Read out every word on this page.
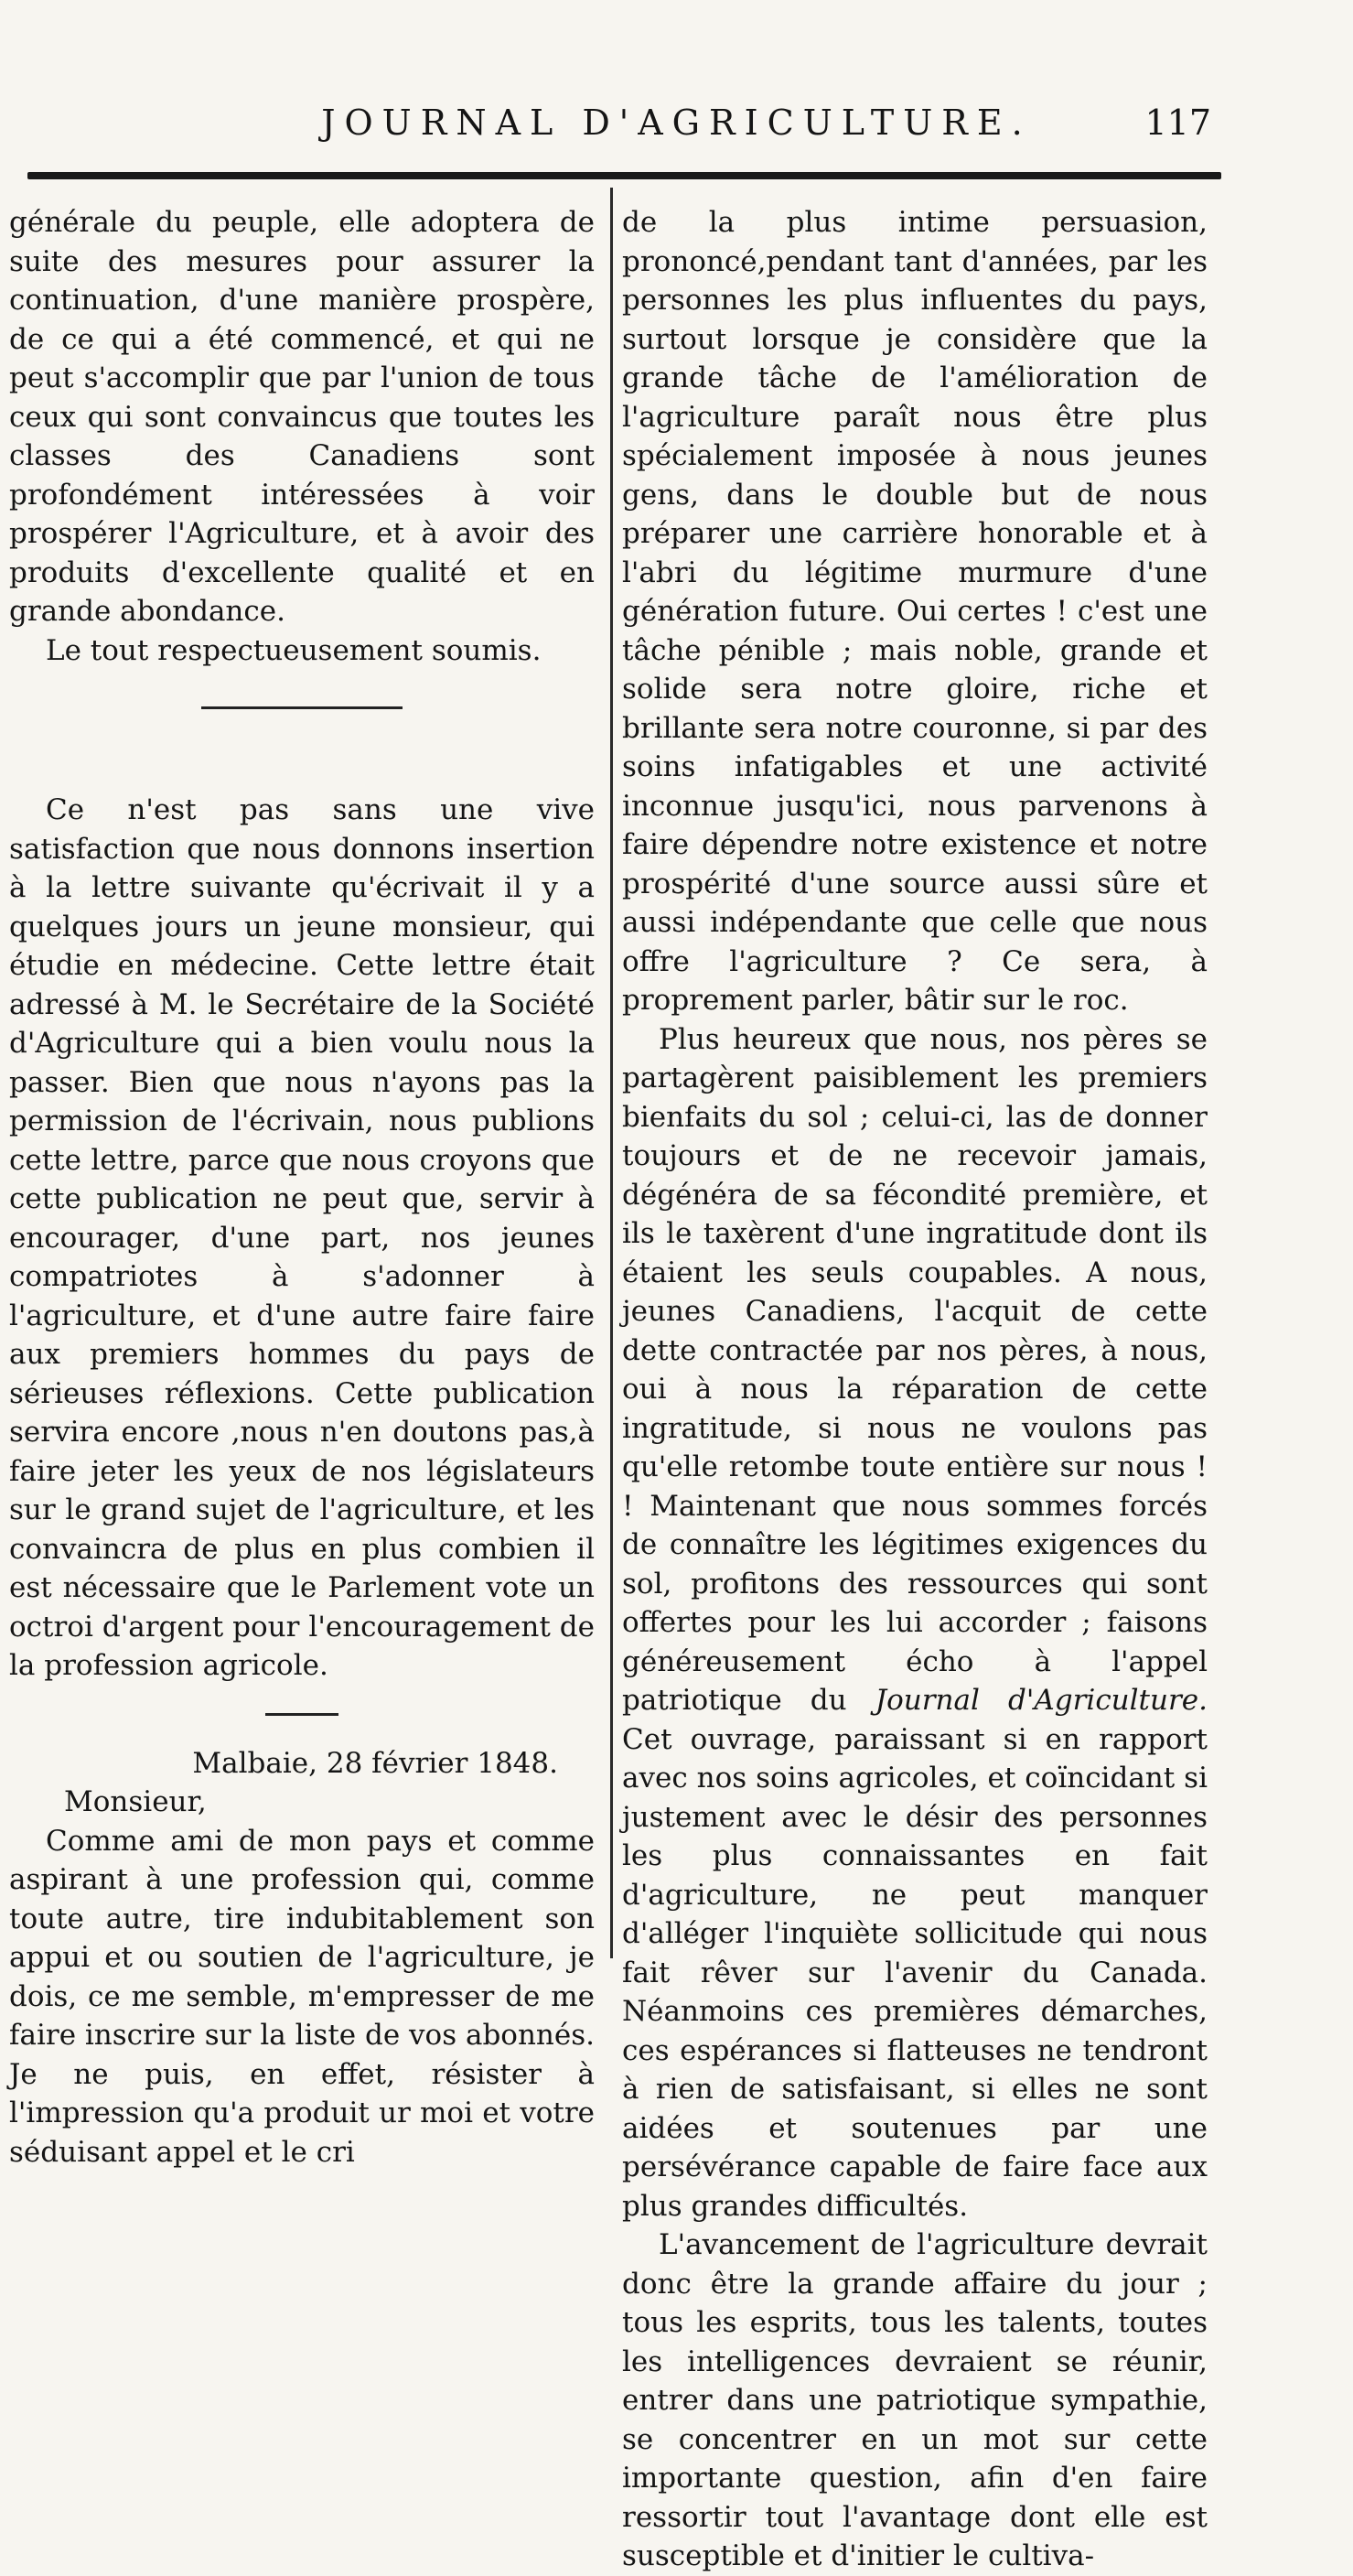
JOURNAL D'AGRICULTURE.	117

générale du peuple, elle adoptera de suite des mesures pour assurer la continuation, d'une manière prospère, de ce qui a été commencé, et qui ne peut s'accomplir que par l'union de tous ceux qui sont convaincus que toutes les classes des Canadiens sont profondément intéressées à voir prospérer l'Agriculture, et à avoir des produits d'excellente qualité et en grande abondance.

Le tout respectueusement soumis.

Ce n'est pas sans une vive satisfaction que nous donnons insertion à la lettre suivante qu'écrivait il y a quelques jours un jeune monsieur, qui étudie en médecine. Cette lettre était adressé à M. le Secrétaire de la Société d'Agriculture qui a bien voulu nous la passer. Bien que nous n'ayons pas la permission de l'écrivain, nous publions cette lettre, parce que nous croyons que cette publication ne peut que, servir à encourager, d'une part, nos jeunes compatriotes à s'adonner à l'agriculture, et d'une autre faire faire aux premiers hommes du pays de sérieuses réflexions. Cette publication servira encore ,nous n'en doutons pas,à faire jeter les yeux de nos législateurs sur le grand sujet de l'agriculture, et les convaincra de plus en plus combien il est nécessaire que le Parlement vote un octroi d'argent pour l'encouragement de la profession agricole.

Malbaie, 28 février 1848.

Monsieur,

Comme ami de mon pays et comme aspirant à une profession qui, comme toute autre, tire indubitablement son appui et ou soutien de l'agriculture, je dois, ce me semble, m'empresser de me faire inscrire sur la liste de vos abonnés. Je ne puis, en effet, résister à l'impression qu'a produit ur moi et votre séduisant appel et le cri

de la plus intime persuasion, prononcé,pendant tant d'années, par les personnes les plus influentes du pays, surtout lorsque je considère que la grande tâche de l'amélioration de l'agriculture paraît nous être plus spécialement imposée à nous jeunes gens, dans le double but de nous préparer une carrière honorable et à l'abri du légitime murmure d'une génération future. Oui certes ! c'est une tâche pénible ; mais noble, grande et solide sera notre gloire, riche et brillante sera notre couronne, si par des soins infatigables et une activité inconnue jusqu'ici, nous parvenons à faire dépendre notre existence et notre prospérité d'une source aussi sûre et aussi indépendante que celle que nous offre l'agriculture ? Ce sera, à proprement parler, bâtir sur le roc.

Plus heureux que nous, nos pères se partagèrent paisiblement les premiers bienfaits du sol ; celui-ci, las de donner toujours et de ne recevoir jamais, dégénéra de sa fécondité première, et ils le taxèrent d'une ingratitude dont ils étaient les seuls coupables. A nous, jeunes Canadiens, l'acquit de cette dette contractée par nos pères, à nous, oui à nous la réparation de cette ingratitude, si nous ne voulons pas qu'elle retombe toute entière sur nous ! ! Maintenant que nous sommes forcés de connaître les légitimes exigences du sol, profitons des ressources qui sont offertes pour les lui accorder ; faisons généreusement écho à l'appel patriotique du Journal d'Agriculture. Cet ouvrage, paraissant si en rapport avec nos soins agricoles, et coïncidant si justement avec le désir des personnes les plus connaissantes en fait d'agriculture, ne peut manquer d'alléger l'inquiète sollicitude qui nous fait rêver sur l'avenir du Canada. Néanmoins ces premières démarches, ces espérances si flatteuses ne tendront à rien de satisfaisant, si elles ne sont aidées et soutenues par une persévérance capable de faire face aux plus grandes difficultés.

L'avancement de l'agriculture devrait donc être la grande affaire du jour ; tous les esprits, tous les talents, toutes les intelligences devraient se réunir, entrer dans une patriotique sympathie, se concentrer en un mot sur cette importante question, afin d'en faire ressortir tout l'avantage dont elle est susceptible et d'initier le cultiva-
